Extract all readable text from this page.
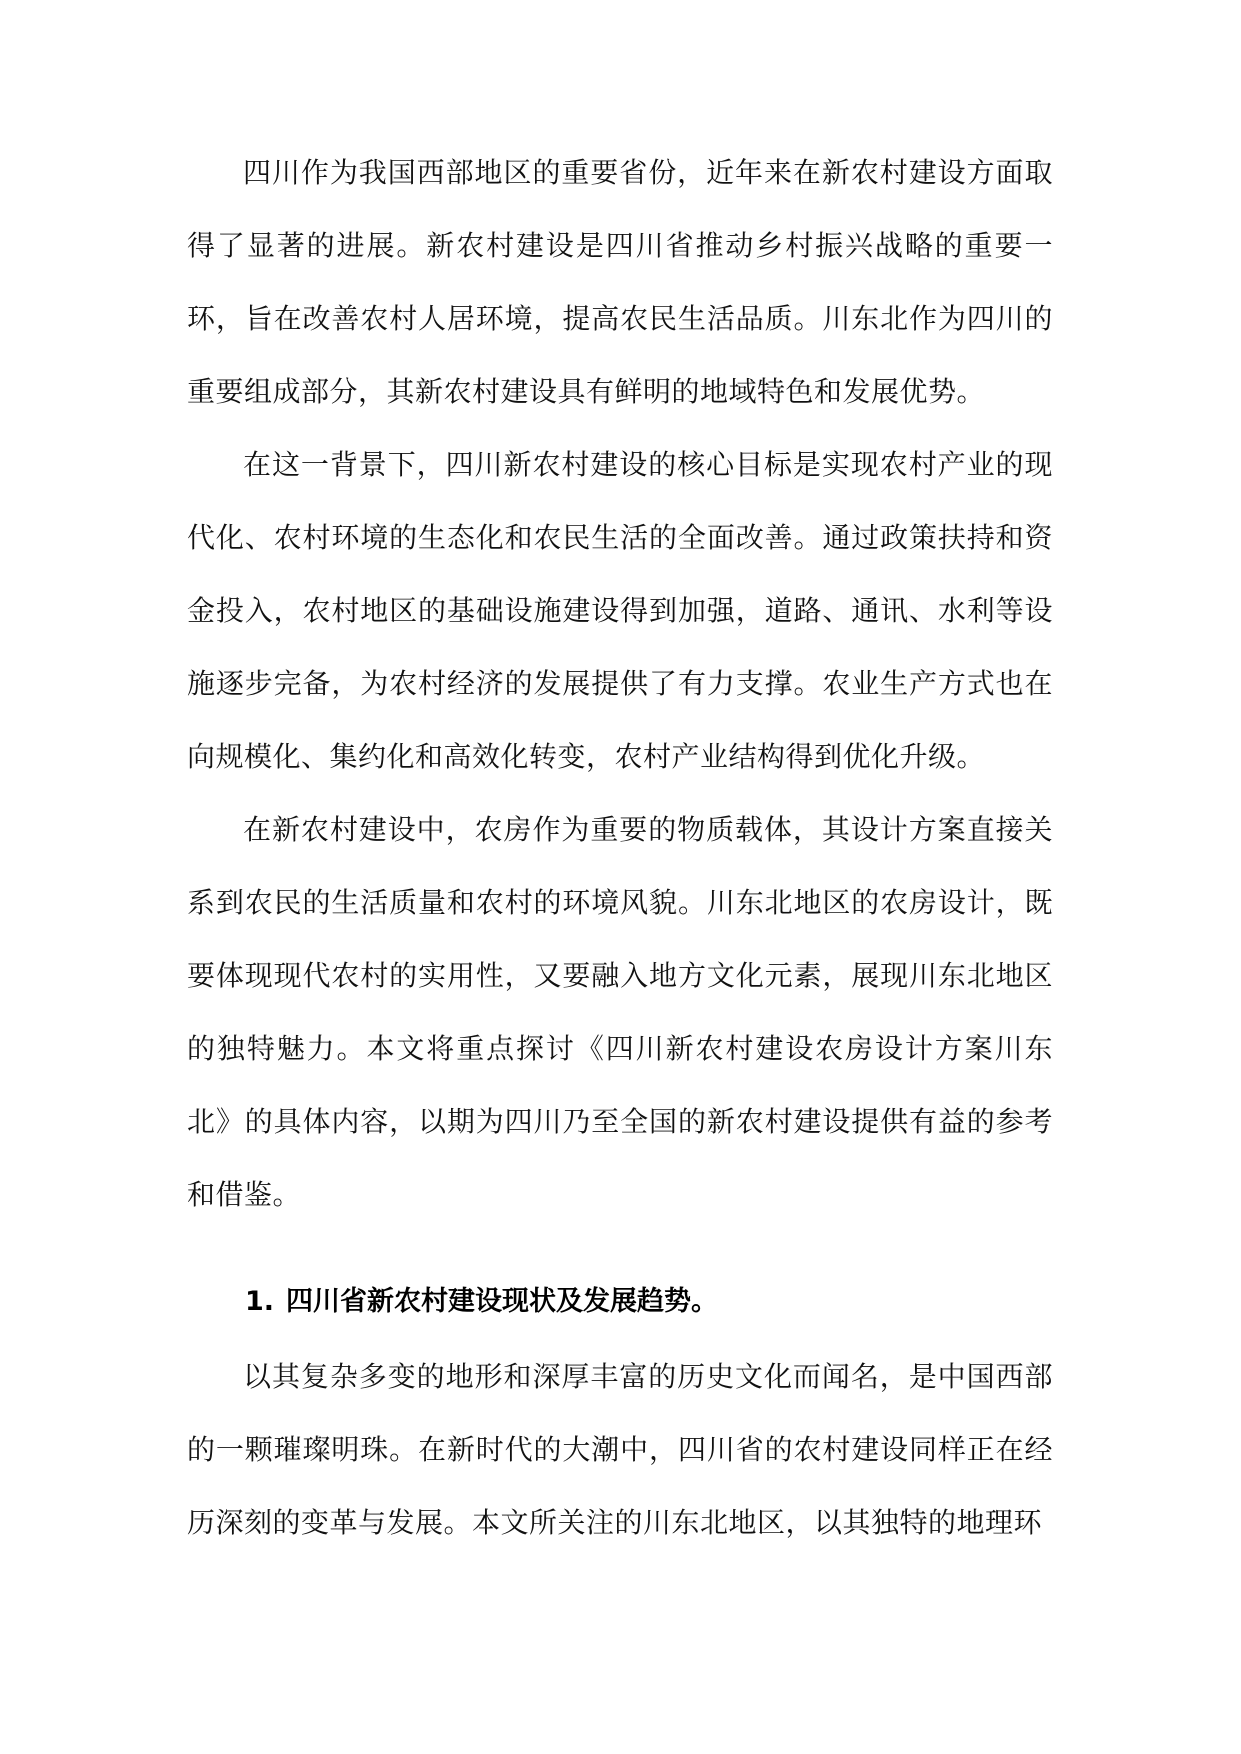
四川作为我国西部地区的重要省份，近年来在新农村建设方面取得了显著的进展。新农村建设是四川省推动乡村振兴战略的重要一环，旨在改善农村人居环境，提高农民生活品质。川东北作为四川的重要组成部分，其新农村建设具有鲜明的地域特色和发展优势。

在这一背景下，四川新农村建设的核心目标是实现农村产业的现代化、农村环境的生态化和农民生活的全面改善。通过政策扶持和资金投入，农村地区的基础设施建设得到加强，道路、通讯、水利等设施逐步完备，为农村经济的发展提供了有力支撑。农业生产方式也在向规模化、集约化和高效化转变，农村产业结构得到优化升级。

在新农村建设中，农房作为重要的物质载体，其设计方案直接关系到农民的生活质量和农村的环境风貌。川东北地区的农房设计，既要体现现代农村的实用性，又要融入地方文化元素，展现川东北地区的独特魅力。本文将重点探讨《四川新农村建设农房设计方案川东北》的具体内容，以期为四川乃至全国的新农村建设提供有益的参考和借鉴。

1. 四川省新农村建设现状及发展趋势。

以其复杂多变的地形和深厚丰富的历史文化而闻名，是中国西部的一颗璀璨明珠。在新时代的大潮中，四川省的农村建设同样正在经历深刻的变革与发展。本文所关注的川东北地区，以其独特的地理环
